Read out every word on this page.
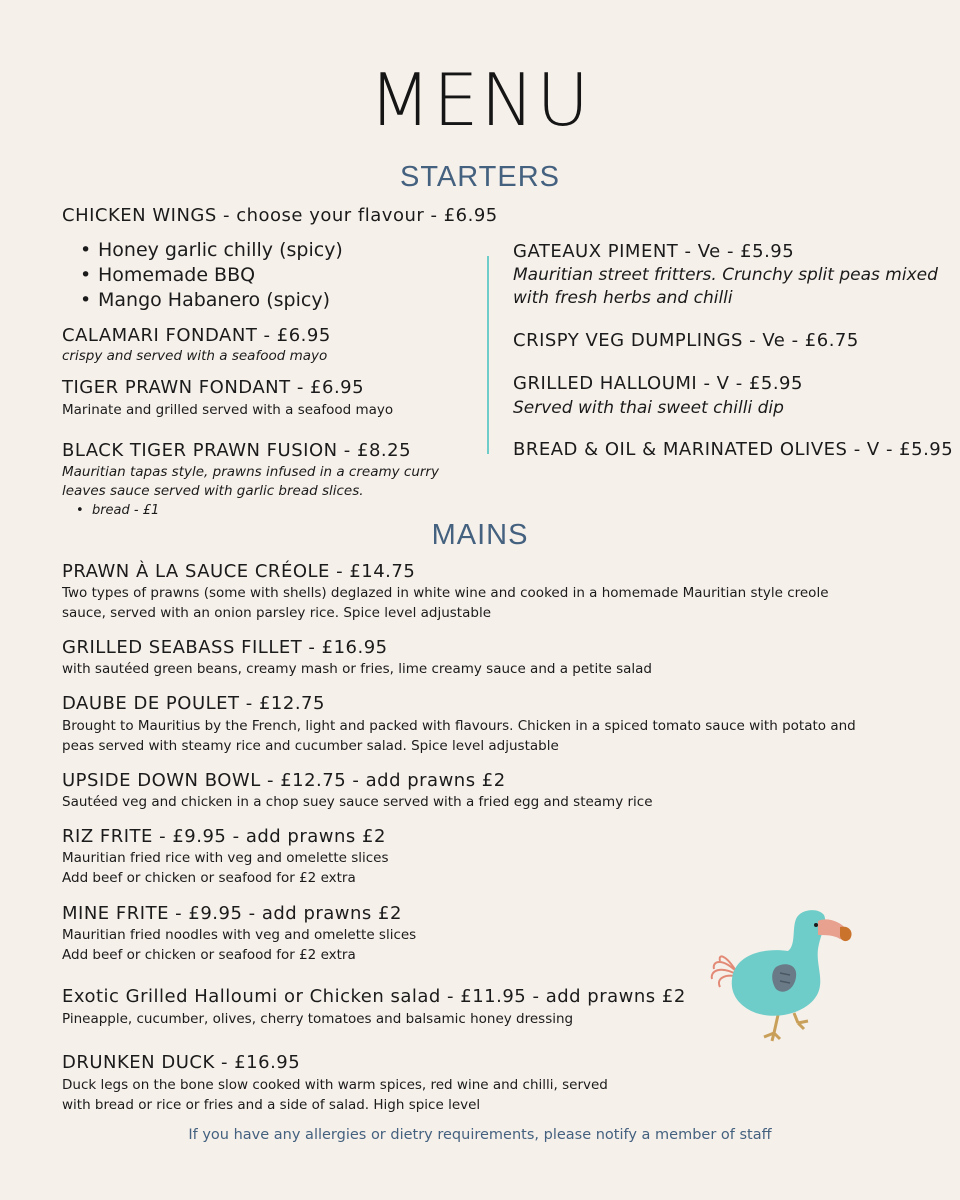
MENU
STARTERS
CHICKEN WINGS - choose your flavour - £6.95
• Honey garlic chilly (spicy)
• Homemade BBQ
• Mango Habanero (spicy)
CALAMARI FONDANT - £6.95
crispy and served with a seafood mayo
TIGER PRAWN FONDANT - £6.95
Marinate and grilled served with a seafood mayo
BLACK TIGER PRAWN FUSION - £8.25
Mauritian tapas style, prawns infused in a creamy curry
leaves sauce served with garlic bread slices.
•  bread - £1
GATEAUX PIMENT - Ve - £5.95
Mauritian street fritters. Crunchy split peas mixed
with fresh herbs and chilli
CRISPY VEG DUMPLINGS - Ve - £6.75
GRILLED HALLOUMI - V - £5.95
Served with thai sweet chilli dip
BREAD & OIL & MARINATED OLIVES - V - £5.95
MAINS
PRAWN À LA SAUCE CRÉOLE - £14.75
Two types of prawns (some with shells) deglazed in white wine and cooked in a homemade Mauritian style creole
sauce, served with an onion parsley rice. Spice level adjustable
GRILLED SEABASS FILLET - £16.95
with sautéed green beans, creamy mash or fries, lime creamy sauce and a petite salad
DAUBE DE POULET - £12.75
Brought to Mauritius by the French, light and packed with flavours. Chicken in a spiced tomato sauce with potato and
peas served with steamy rice and cucumber salad. Spice level adjustable
UPSIDE DOWN BOWL - £12.75 - add prawns £2
Sautéed veg and chicken in a chop suey sauce served with a fried egg and steamy rice
RIZ FRITE - £9.95 - add prawns £2
Mauritian fried rice with veg and omelette slices
Add beef or chicken or seafood for £2 extra
MINE FRITE - £9.95 - add prawns £2
Mauritian fried noodles with veg and omelette slices
Add beef or chicken or seafood for £2 extra
Exotic Grilled Halloumi or Chicken salad - £11.95 - add prawns £2
Pineapple, cucumber, olives, cherry tomatoes and balsamic honey dressing
DRUNKEN DUCK - £16.95
Duck legs on the bone slow cooked with warm spices, red wine and chilli, served
with bread or rice or fries and a side of salad. High spice level
If you have any allergies or dietry requirements, please notify a member of staff
